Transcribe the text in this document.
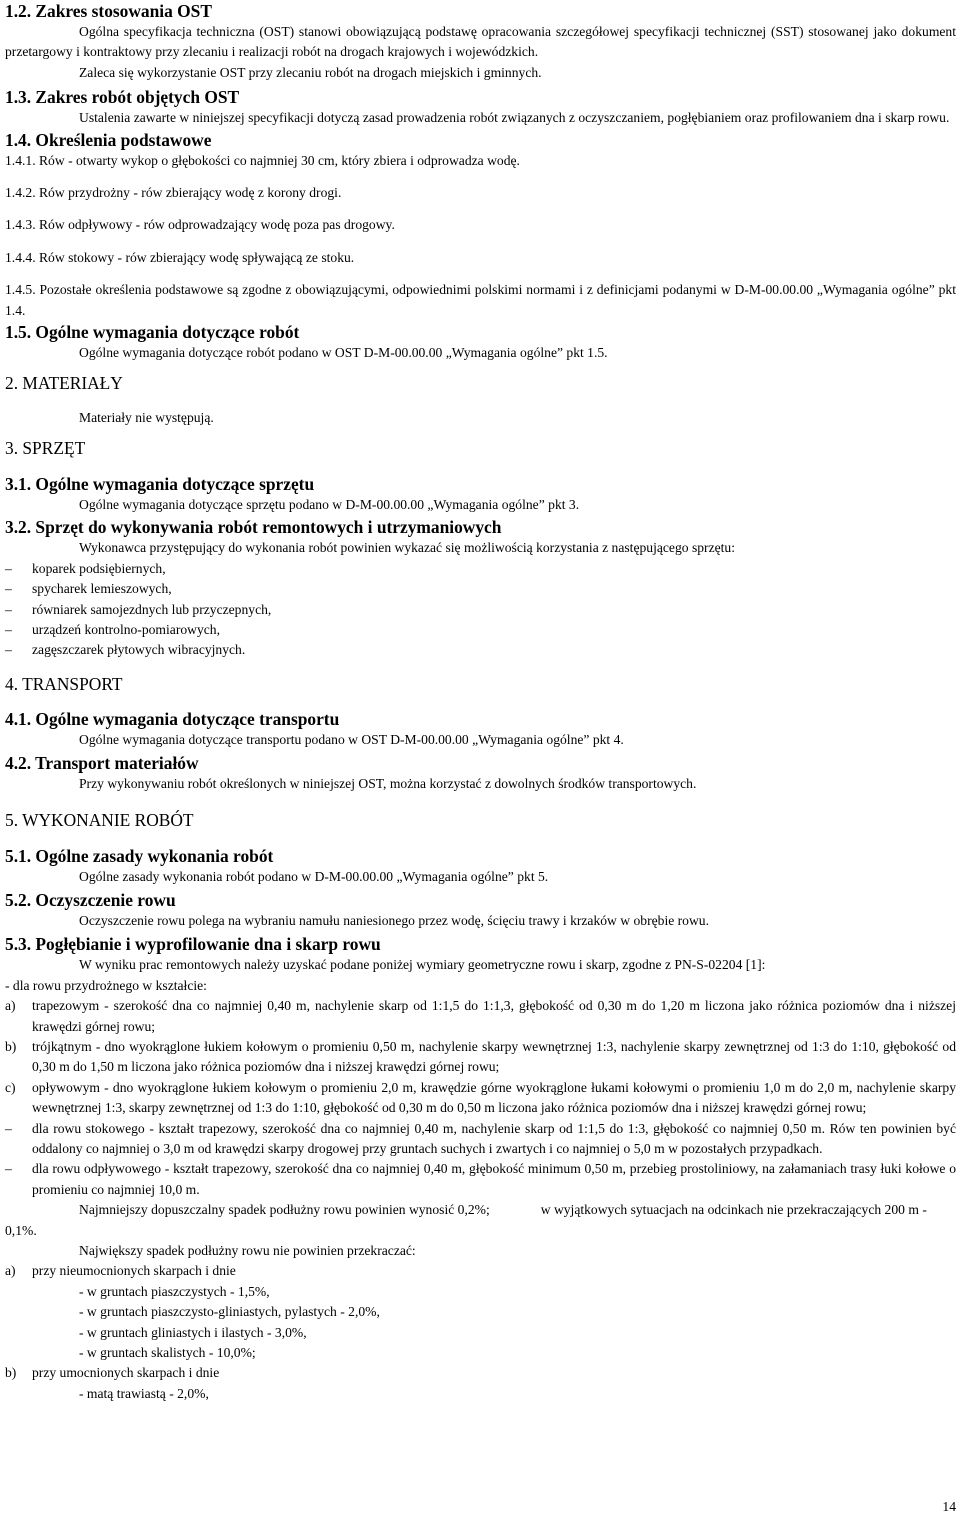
1.2. Zakres stosowania OST
Ogólna specyfikacja techniczna (OST) stanowi obowiązującą podstawę opracowania szczegółowej specyfikacji technicznej (SST) stosowanej jako dokument przetargowy i kontraktowy przy zlecaniu i realizacji robót na drogach krajowych i wojewódzkich.
Zaleca się wykorzystanie OST przy zlecaniu robót na drogach miejskich i gminnych.
1.3. Zakres robót objętych OST
Ustalenia zawarte w niniejszej specyfikacji dotyczą zasad prowadzenia robót związanych z oczyszczaniem, pogłębianiem oraz profilowaniem dna i skarp rowu.
1.4. Określenia podstawowe
1.4.1. Rów - otwarty wykop o głębokości co najmniej 30 cm, który zbiera i odprowadza wodę.
1.4.2. Rów przydrożny - rów zbierający wodę z korony drogi.
1.4.3. Rów odpływowy - rów odprowadzający wodę poza pas drogowy.
1.4.4. Rów stokowy - rów zbierający wodę spływającą ze stoku.
1.4.5. Pozostałe określenia podstawowe są zgodne z obowiązującymi, odpowiednimi polskimi normami i z definicjami podanymi w D-M-00.00.00 „Wymagania ogólne” pkt 1.4.
1.5. Ogólne wymagania dotyczące robót
Ogólne wymagania dotyczące robót podano w OST D-M-00.00.00 „Wymagania ogólne” pkt 1.5.
2. MATERIAŁY
Materiały nie występują.
3. SPRZĘT
3.1. Ogólne wymagania dotyczące sprzętu
Ogólne wymagania dotyczące sprzętu podano w D-M-00.00.00 „Wymagania ogólne” pkt 3.
3.2. Sprzęt do wykonywania robót remontowych i utrzymaniowych
Wykonawca przystępujący do wykonania robót powinien wykazać się możliwością korzystania z następującego sprzętu:
– koparek podsiębiernych,
– spycharek lemieszowych,
– równiarek samojezdnych lub przyczepnych,
– urządzeń kontrolno-pomiarowych,
– zagęszczarek płytowych wibracyjnych.
4. TRANSPORT
4.1. Ogólne wymagania dotyczące transportu
Ogólne wymagania dotyczące transportu podano w OST D-M-00.00.00 „Wymagania ogólne” pkt 4.
4.2. Transport materiałów
Przy wykonywaniu robót określonych w niniejszej OST, można korzystać z dowolnych środków transportowych.
5. WYKONANIE ROBÓT
5.1. Ogólne zasady wykonania robót
Ogólne zasady wykonania robót podano w D-M-00.00.00 „Wymagania ogólne” pkt 5.
5.2. Oczyszczenie rowu
Oczyszczenie rowu polega na wybraniu namułu naniesionego przez wodę, ścięciu trawy i krzaków w obrębie rowu.
5.3. Pogłębianie i wyprofilowanie dna i skarp rowu
W wyniku prac remontowych należy uzyskać podane poniżej wymiary geometryczne rowu i skarp, zgodne z PN-S-02204 [1]:
- dla rowu przydrożnego w kształcie:
a) trapezowym - szerokość dna co najmniej 0,40 m, nachylenie skarp od 1:1,5 do 1:1,3, głębokość od 0,30 m do 1,20 m liczona jako różnica poziomów dna i niższej krawędzi górnej rowu;
b) trójkątnym - dno wyokrąglone łukiem kołowym o promieniu 0,50 m, nachylenie skarpy wewnętrznej 1:3, nachylenie skarpy zewnętrznej od 1:3 do 1:10, głębokość od 0,30 m do 1,50 m liczona jako różnica poziomów dna i niższej krawędzi górnej rowu;
c) opływowym - dno wyokrąglone łukiem kołowym o promieniu 2,0 m, krawędzie górne wyokrąglone łukami kołowymi o promieniu 1,0 m do 2,0 m, nachylenie skarpy wewnętrznej 1:3, skarpy zewnętrznej od 1:3 do 1:10, głębokość od 0,30 m do 0,50 m liczona jako różnica poziomów dna i niższej krawędzi górnej rowu;
– dla rowu stokowego - kształt trapezowy, szerokość dna co najmniej 0,40 m, nachylenie skarp od 1:1,5 do 1:3, głębokość co najmniej 0,50 m. Rów ten powinien być oddalony co najmniej o 3,0 m od krawędzi skarpy drogowej przy gruntach suchych i zwartych i co najmniej o 5,0 m w pozostałych przypadkach.
– dla rowu odpływowego - kształt trapezowy, szerokość dna co najmniej 0,40 m, głębokość minimum 0,50 m, przebieg prostoliniowy, na załamaniach trasy łuki kołowe o promieniu co najmniej 10,0 m.
Najmniejszy dopuszczalny spadek podłużny rowu powinien wynosić 0,2%;               w wyjątkowych sytuacjach na odcinkach nie przekraczających 200 m - 0,1%.
Największy spadek podłużny rowu nie powinien przekraczać:
a) przy nieumocnionych skarpach i dnie
- w gruntach piaszczystych - 1,5%,
- w gruntach piaszczysto-gliniastych, pylastych - 2,0%,
- w gruntach gliniastych i ilastych - 3,0%,
- w gruntach skalistych - 10,0%;
b) przy umocnionych skarpach i dnie
- matą trawiastą - 2,0%,
14
